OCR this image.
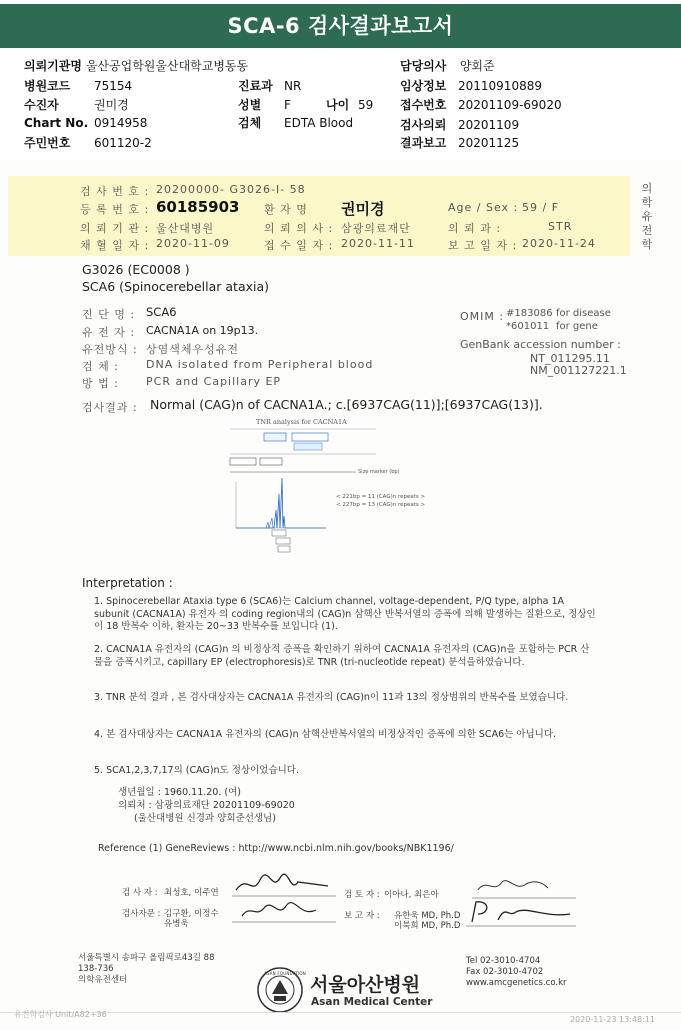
SCA-6 검사결과보고서
의뢰기관명 울산공업학원울산대학교병동동	담당의사 양회준
병원코드 75154	진료과 NR	임상정보 20110910889
수진자	권미경	성별 F	나이 59 접수번호 20201109-69020
Chart No. 0914958	검체 EDTA Blood	검사의뢰 20201109
주민번호 601120-2	결과보고 20201125
검 사 번 호 : 20200000- G3026-I- 58
등 록 번 호 : 60185903 환 자 명 권미경	Age / Sex : 59 / F
의 뢰 기 관 : 울산대병원	의 뢰 의 사 : 삼광의료재단	의 뢰 과 :	STR
채 혈 일 자 : 2020-11-09	접 수 일 자 : 2020-11-11	보 고 일 자 : 2020-11-24
의학유전학
G3026 (EC0008 )
SCA6 (Spinocerebellar ataxia)
진 단 명 : SCA6
유 전 자 : CACNA1A on 19p13.
유전방식 : 상염색체우성유전
검 체 : DNA isolated from Peripheral blood
방 법 : PCR and Capillary EP
OMIM : #183086 for disease
*601011 for gene
GenBank accession number :
NT_011295.11
NM_001127221.1
검사결과 : Normal (CAG)n of CACNA1A.; c.[6937CAG(11)];[6937CAG(13)].
TNR analysis for CACNA1A
< 221bp = 11 (CAG)n repeats >
< 227bp = 13 (CAG)n repeats >
Size marker (bp)
Interpretation :
1. Spinocerebellar Ataxia type 6 (SCA6)는 Calcium channel, voltage-dependent, P/Q type, alpha 1A subunit (CACNA1A) 유전자 의 coding region내의 (CAG)n 삼핵산 반복서열의 증폭에 의해 발생하는 질환으로, 정상인이 18 반복수 이하, 환자는 20~33 반복수를 보입니다 (1).
2. CACNA1A 유전자의 (CAG)n 의 비정상적 증폭을 확인하기 위하여 CACNA1A 유전자의 (CAG)n을 포함하는 PCR 산물을 증폭시키고, capillary EP (electrophoresis)로 TNR (tri-nucleotide repeat) 분석을하였습니다.
3. TNR 분석 결과 , 본 검사대상자는 CACNA1A 유전자의 (CAG)n이 11과 13의 정상범위의 반복수를 보였습니다.
4. 본 검사대상자는 CACNA1A 유전자의 (CAG)n 삼핵산반복서열의 비정상적인 증폭에 의한 SCA6는 아닙니다.
5. SCA1,2,3,7,17의 (CAG)n도 정상이었습니다.
생년월일 : 1960.11.20. (여)
의뢰처 : 삼광의료재단 20201109-69020
(울산대병원 신경과 양회준선생님)
Reference (1) GeneReviews : http://www.ncbi.nlm.nih.gov/books/NBK1196/
검 사 자 : 최성호, 이주연	검 토 자 : 이아나, 최은아
검사자문 : 김구환, 이정수
유병욱
보 고 자 : 유한욱 MD, Ph.D
이북희 MD, Ph.D
서울특별시 송파구 올림픽로43길 88
138-736
의학유전센터
ASAN FOUNDATION
서울아산병원
Asan Medical Center
Tel 02-3010-4704
Fax 02-3010-4702
www.amcgenetics.co.kr
유전학검사 Unit/A82+36
2020-11-23 13:48:11
